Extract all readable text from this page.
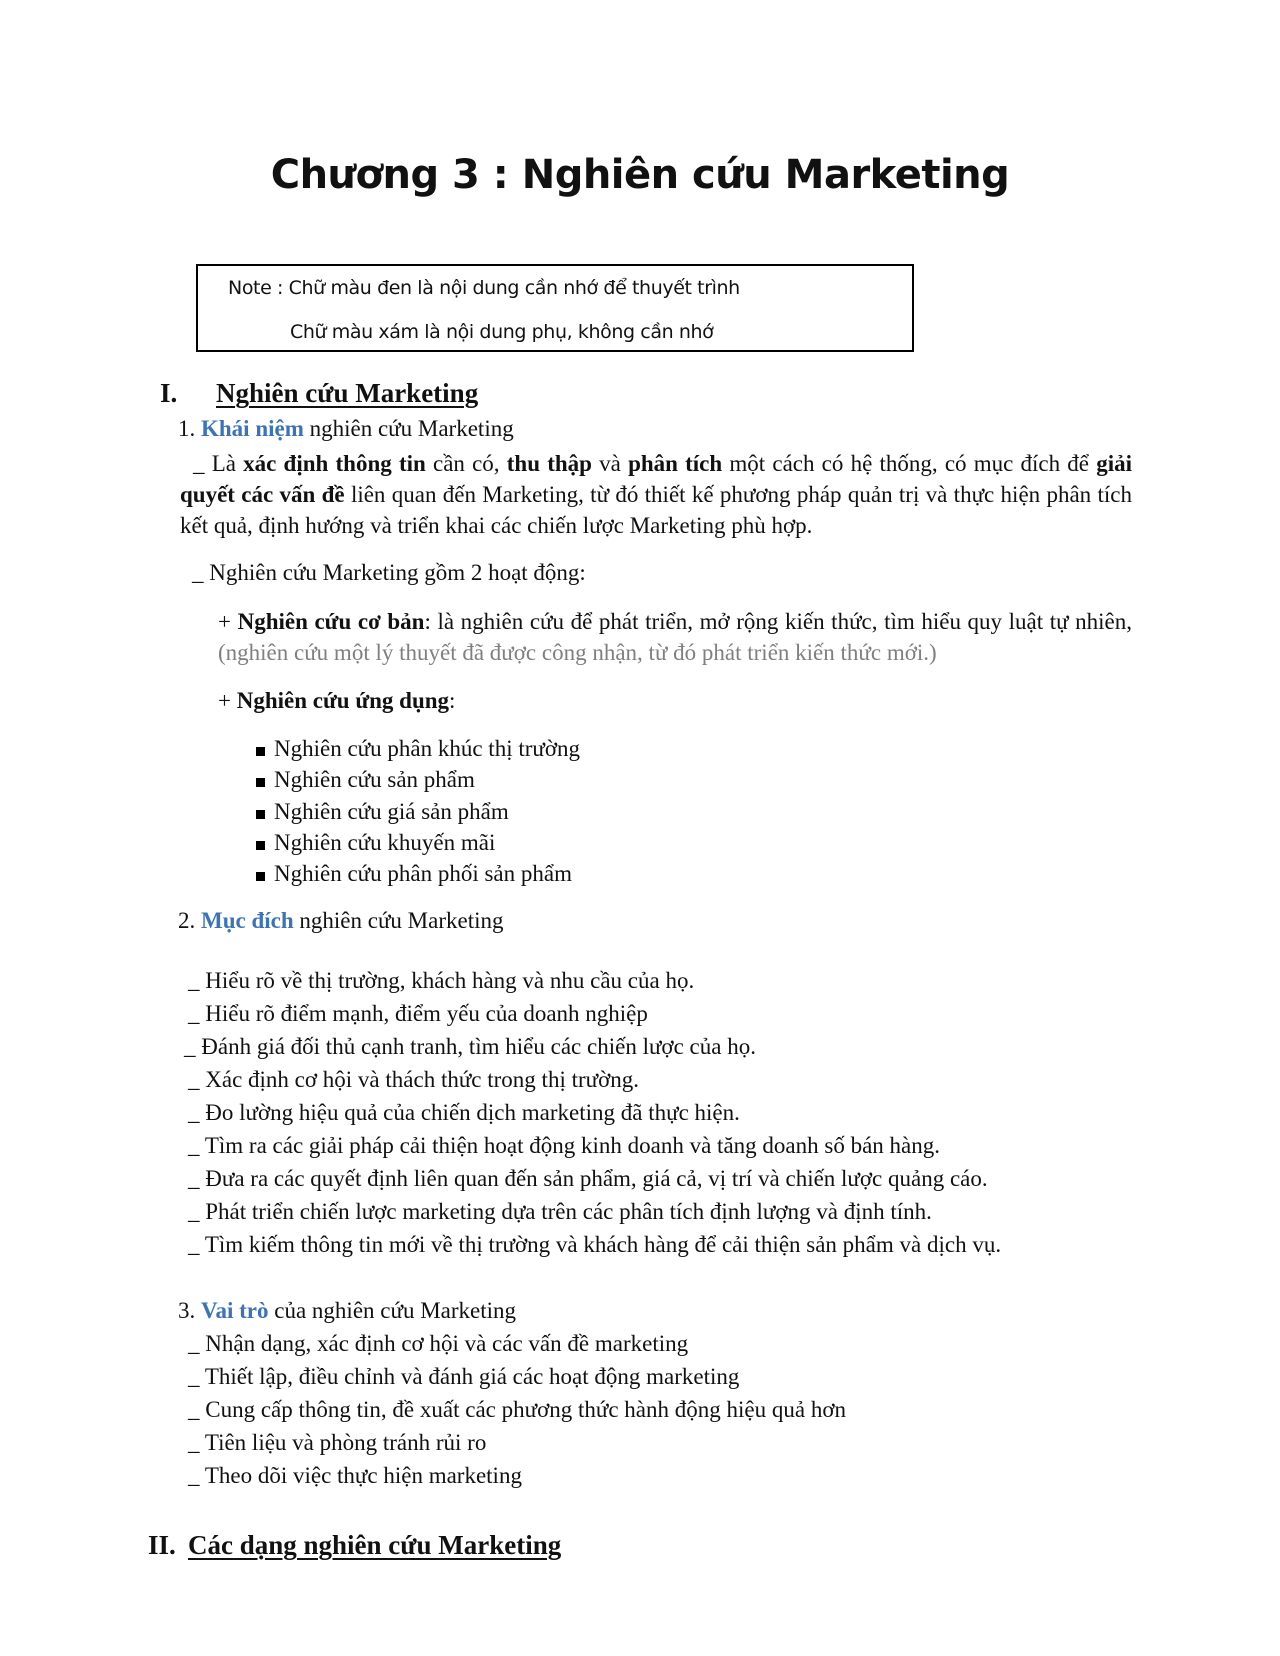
Chương 3 : Nghiên cứu Marketing
Note : Chữ màu đen là nội dung cần nhớ để thuyết trình
Chữ màu xám là nội dung phụ, không cần nhớ
I. Nghiên cứu Marketing
1. Khái niệm nghiên cứu Marketing
_ Là xác định thông tin cần có, thu thập và phân tích một cách có hệ thống, có mục đích để giải quyết các vấn đề liên quan đến Marketing, từ đó thiết kế phương pháp quản trị và thực hiện phân tích kết quả, định hướng và triển khai các chiến lược Marketing phù hợp.
_ Nghiên cứu Marketing gồm 2 hoạt động:
+ Nghiên cứu cơ bản: là nghiên cứu để phát triển, mở rộng kiến thức, tìm hiểu quy luật tự nhiên, (nghiên cứu một lý thuyết đã được công nhận, từ đó phát triển kiến thức mới.)
+ Nghiên cứu ứng dụng:
Nghiên cứu phân khúc thị trường
Nghiên cứu sản phẩm
Nghiên cứu giá sản phẩm
Nghiên cứu khuyến mãi
Nghiên cứu phân phối sản phẩm
2. Mục đích nghiên cứu Marketing
_ Hiểu rõ về thị trường, khách hàng và nhu cầu của họ.
_ Hiểu rõ điểm mạnh, điểm yếu của doanh nghiệp
_ Đánh giá đối thủ cạnh tranh, tìm hiểu các chiến lược của họ.
_ Xác định cơ hội và thách thức trong thị trường.
_ Đo lường hiệu quả của chiến dịch marketing đã thực hiện.
_ Tìm ra các giải pháp cải thiện hoạt động kinh doanh và tăng doanh số bán hàng.
_ Đưa ra các quyết định liên quan đến sản phẩm, giá cả, vị trí và chiến lược quảng cáo.
_ Phát triển chiến lược marketing dựa trên các phân tích định lượng và định tính.
_ Tìm kiếm thông tin mới về thị trường và khách hàng để cải thiện sản phẩm và dịch vụ.
3. Vai trò của nghiên cứu Marketing
_ Nhận dạng, xác định cơ hội và các vấn đề marketing
_ Thiết lập, điều chỉnh và đánh giá các hoạt động marketing
_ Cung cấp thông tin, đề xuất các phương thức hành động hiệu quả hơn
_ Tiên liệu và phòng tránh rủi ro
_ Theo dõi việc thực hiện marketing
II. Các dạng nghiên cứu Marketing
